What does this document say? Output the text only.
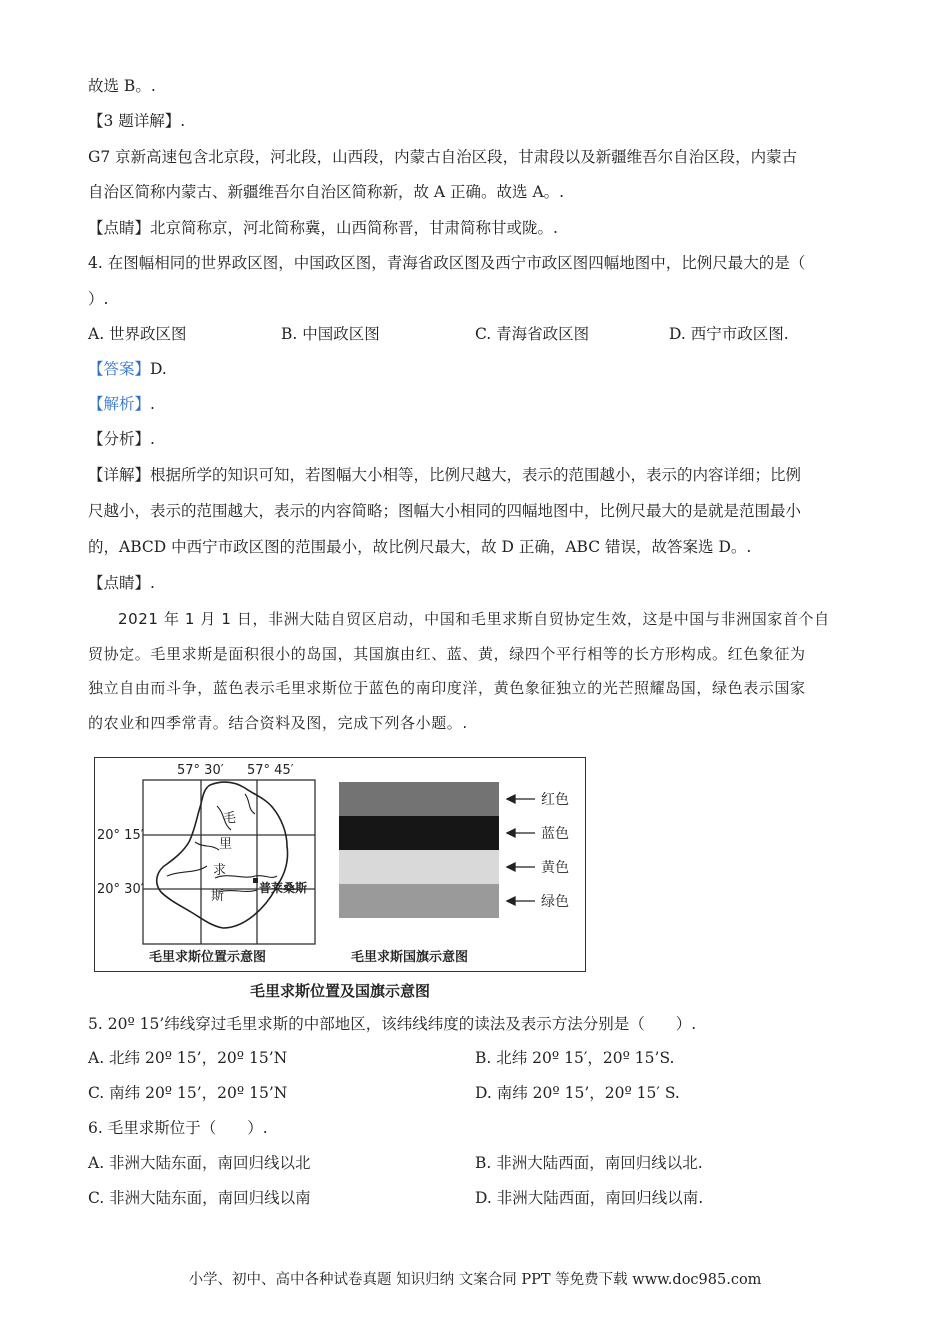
故选 B。.
【3 题详解】.
G7 京新高速包含北京段，河北段，山西段，内蒙古自治区段，甘肃段以及新疆维吾尔自治区段，内蒙古
自治区简称内蒙古、新疆维吾尔自治区简称新，故 A 正确。故选 A。.
【点睛】北京简称京，河北简称冀，山西简称晋，甘肃简称甘或陇。.
4. 在图幅相同的世界政区图，中国政区图，青海省政区图及西宁市政区图四幅地图中，比例尺最大的是（
）.
A. 世界政区图	B. 中国政区图	C. 青海省政区图	D. 西宁市政区图.
【答案】D.
【解析】.
【分析】.
【详解】根据所学的知识可知，若图幅大小相等，比例尺越大，表示的范围越小，表示的内容详细；比例
尺越小，表示的范围越大，表示的内容简略；图幅大小相同的四幅地图中，比例尺最大的是就是范围最小
的，ABCD 中西宁市政区图的范围最小，故比例尺最大，故 D 正确，ABC 错误，故答案选 D。.
【点睛】.
2021 年 1 月 1 日，非洲大陆自贸区启动，中国和毛里求斯自贸协定生效，这是中国与非洲国家首个自
贸协定。毛里求斯是面积很小的岛国，其国旗由红、蓝、黄，绿四个平行相等的长方形构成。红色象征为
独立自由而斗争，蓝色表示毛里求斯位于蓝色的南印度洋，黄色象征独立的光芒照耀岛国，绿色表示国家
的农业和四季常青。结合资料及图，完成下列各小题。.
57° 30′ 57° 45′
20° 15′
20° 30′
毛
里
求
斯
普莱桑斯
毛里求斯位置示意图
红色
蓝色
黄色
绿色
毛里求斯国旗示意图
毛里求斯位置及国旗示意图
5. 20º 15’纬线穿过毛里求斯的中部地区，该纬线纬度的读法及表示方法分别是（　　）.
A. 北纬 20º 15’，20º 15’N	B. 北纬 20º 15′，20º 15’S.
C. 南纬 20º 15’，20º 15’N	D. 南纬 20º 15’，20º 15′ S.
6. 毛里求斯位于（　　）.
A. 非洲大陆东面，南回归线以北	B. 非洲大陆西面，南回归线以北.
C. 非洲大陆东面，南回归线以南	D. 非洲大陆西面，南回归线以南.
小学、初中、高中各种试卷真题 知识归纳 文案合同 PPT 等免费下载 www.doc985.com
